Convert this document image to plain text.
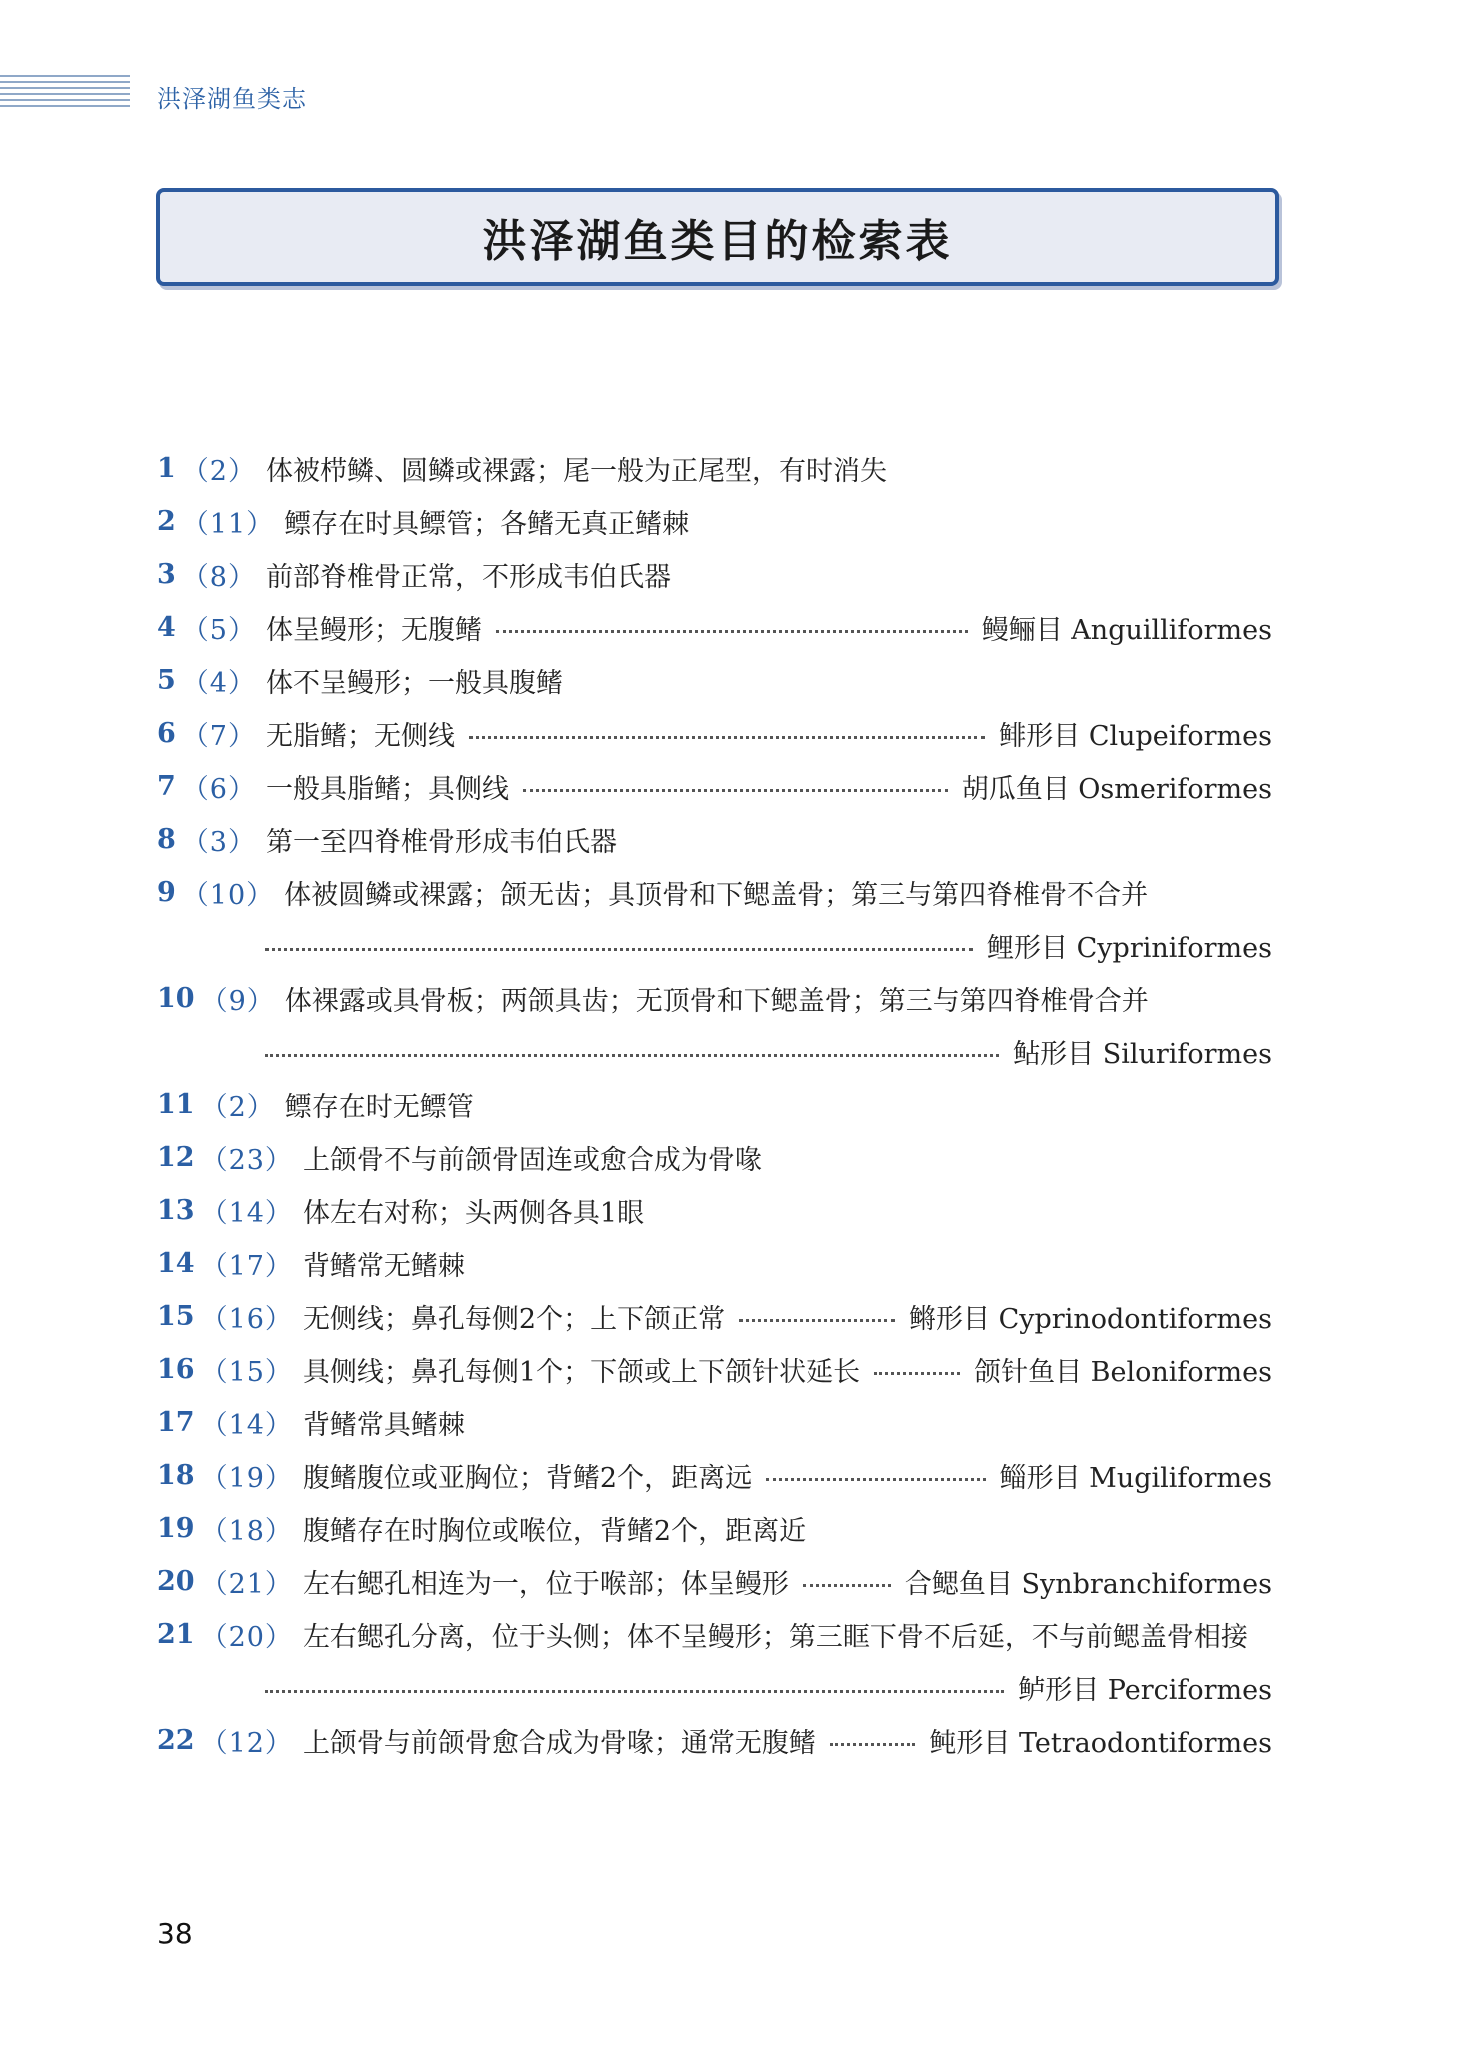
洪泽湖鱼类志
洪泽湖鱼类目的检索表
1 （2） 体被栉鳞、圆鳞或裸露；尾一般为正尾型，有时消失
2 （11） 鳔存在时具鳔管；各鳍无真正鳍棘
3 （8） 前部脊椎骨正常，不形成韦伯氏器
4 （5） 体呈鳗形；无腹鳍	鳗鲡目 Anguilliformes
5 （4） 体不呈鳗形；一般具腹鳍
6 （7） 无脂鳍；无侧线	鲱形目 Clupeiformes
7 （6） 一般具脂鳍；具侧线	胡瓜鱼目 Osmeriformes
8 （3） 第一至四脊椎骨形成韦伯氏器
9 （10） 体被圆鳞或裸露；颌无齿；具顶骨和下鳃盖骨；第三与第四脊椎骨不合并
鲤形目 Cypriniformes
10 （9） 体裸露或具骨板；两颌具齿；无顶骨和下鳃盖骨；第三与第四脊椎骨合并
鲇形目 Siluriformes
11 （2） 鳔存在时无鳔管
12 （23） 上颌骨不与前颌骨固连或愈合成为骨喙
13 （14） 体左右对称；头两侧各具1眼
14 （17） 背鳍常无鳍棘
15 （16） 无侧线；鼻孔每侧2个；上下颌正常	鳉形目 Cyprinodontiformes
16 （15） 具侧线；鼻孔每侧1个；下颌或上下颌针状延长	颌针鱼目 Beloniformes
17 （14） 背鳍常具鳍棘
18 （19） 腹鳍腹位或亚胸位；背鳍2个，距离远	鲻形目 Mugiliformes
19 （18） 腹鳍存在时胸位或喉位，背鳍2个，距离近
20 （21） 左右鳃孔相连为一，位于喉部；体呈鳗形	合鳃鱼目 Synbranchiformes
21 （20） 左右鳃孔分离，位于头侧；体不呈鳗形；第三眶下骨不后延，不与前鳃盖骨相接
鲈形目 Perciformes
22 （12） 上颌骨与前颌骨愈合成为骨喙；通常无腹鳍	鲀形目 Tetraodontiformes
38
